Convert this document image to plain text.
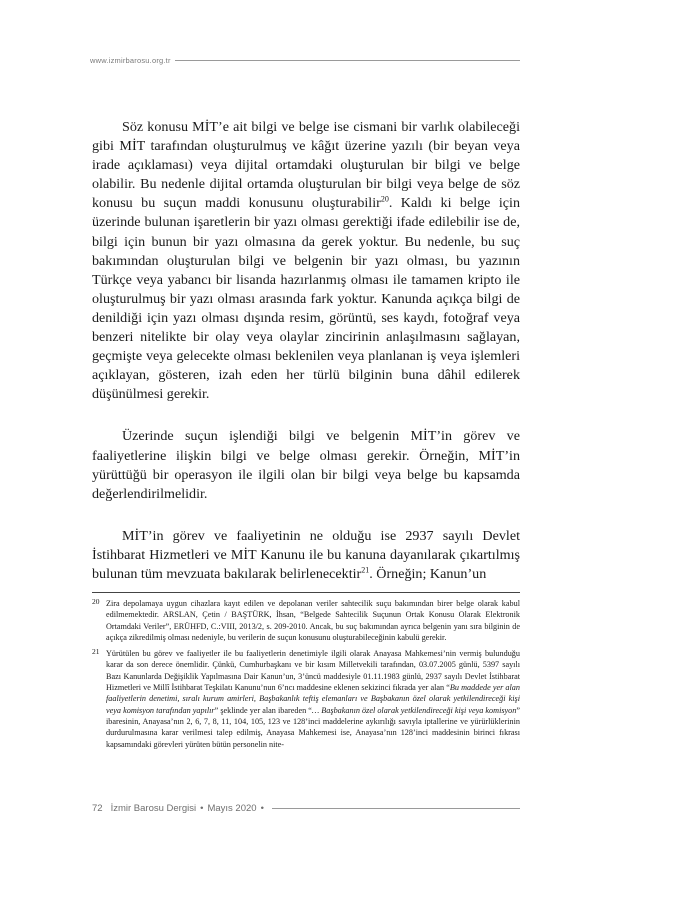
www.izmirbarosu.org.tr

Söz konusu MİT’e ait bilgi ve belge ise cismani bir varlık olabileceği gibi MİT tarafından oluşturulmuş ve kâğıt üzerine yazılı (bir beyan veya irade açıklaması) veya dijital ortamdaki oluşturulan bir bilgi ve belge olabilir. Bu nedenle dijital ortamda oluşturulan bir bilgi veya belge de söz konusu bu suçun maddi konusunu oluşturabilir$^{20}$. Kaldı ki belge için üzerinde bulunan işaretlerin bir yazı olması gerektiği ifade edilebilir ise de, bilgi için bunun bir yazı olmasına da gerek yoktur. Bu nedenle, bu suç bakımından oluşturulan bilgi ve belgenin bir yazı olması, bu yazının Türkçe veya yabancı bir lisanda hazırlanmış olması ile tamamen kripto ile oluşturulmuş bir yazı olması arasında fark yoktur. Kanunda açıkça bilgi de denildiği için yazı olması dışında resim, görüntü, ses kaydı, fotoğraf veya benzeri nitelikte bir olay veya olaylar zincirinin anlaşılmasını sağlayan, geçmişte veya gelecekte olması beklenilen veya planlanan iş veya işlemleri açıklayan, gösteren, izah eden her türlü bilginin buna dâhil edilerek düşünülmesi gerekir.

Üzerinde suçun işlendiği bilgi ve belgenin MİT’in görev ve faaliyetlerine ilişkin bilgi ve belge olması gerekir. Örneğin, MİT’in yürüttüğü bir operasyon ile ilgili olan bir bilgi veya belge bu kapsamda değerlendirilmelidir.

MİT’in görev ve faaliyetinin ne olduğu ise 2937 sayılı Devlet İstihbarat Hizmetleri ve MİT Kanunu ile bu kanuna dayanılarak çıkartılmış bulunan tüm mevzuata bakılarak belirlenecektir$^{21}$. Örneğin; Kanun’un

20 Zira depolamaya uygun cihazlara kayıt edilen ve depolanan veriler sahtecilik suçu bakımından birer belge olarak kabul edilmemektedir. ARSLAN, Çetin / BAŞTÜRK, İhsan, “Belgede Sahtecilik Suçunun Ortak Konusu Olarak Elektronik Ortamdaki Veriler”, ERÜHFD, C.:VIII, 2013/2, s. 209-2010. Ancak, bu suç bakımından ayrıca belgenin yanı sıra bilginin de açıkça zikredilmiş olması nedeniyle, bu verilerin de suçun konusunu oluşturabileceğinin kabulü gerekir.
21 Yürütülen bu görev ve faaliyetler ile bu faaliyetlerin denetimiyle ilgili olarak Anayasa Mahkemesi’nin vermiş bulunduğu karar da son derece önemlidir. Çünkü, Cumhurbaşkanı ve bir kısım Milletvekili tarafından, 03.07.2005 günlü, 5397 sayılı Bazı Kanunlarda Değişiklik Yapılmasına Dair Kanun’un, 3’üncü maddesiyle 01.11.1983 günlü, 2937 sayılı Devlet İstihbarat Hizmetleri ve Millî İstihbarat Teşkilatı Kanunu’nun 6’ncı maddesine eklenen sekizinci fıkrada yer alan “Bu maddede yer alan faaliyetlerin denetimi, sıralı kurum amirleri, Başbakanlık teftiş elemanları ve Başbakanın özel olarak yetkilendireceği kişi veya komisyon tarafından yapılır” şeklinde yer alan ibareden “… Başbakanın özel olarak yetkilendireceği kişi veya komisyon” ibaresinin, Anayasa’nın 2, 6, 7, 8, 11, 104, 105, 123 ve 128’inci maddelerine aykırılığı savıyla iptallerine ve yürürlüklerinin durdurulmasına karar verilmesi talep edilmiş, Anayasa Mahkemesi ise, Anayasa’nın 128’inci maddesinin birinci fıkrası kapsamındaki görevleri yürüten bütün personelin nite-
72 İzmir Barosu Dergisi • Mayıs 2020 •
